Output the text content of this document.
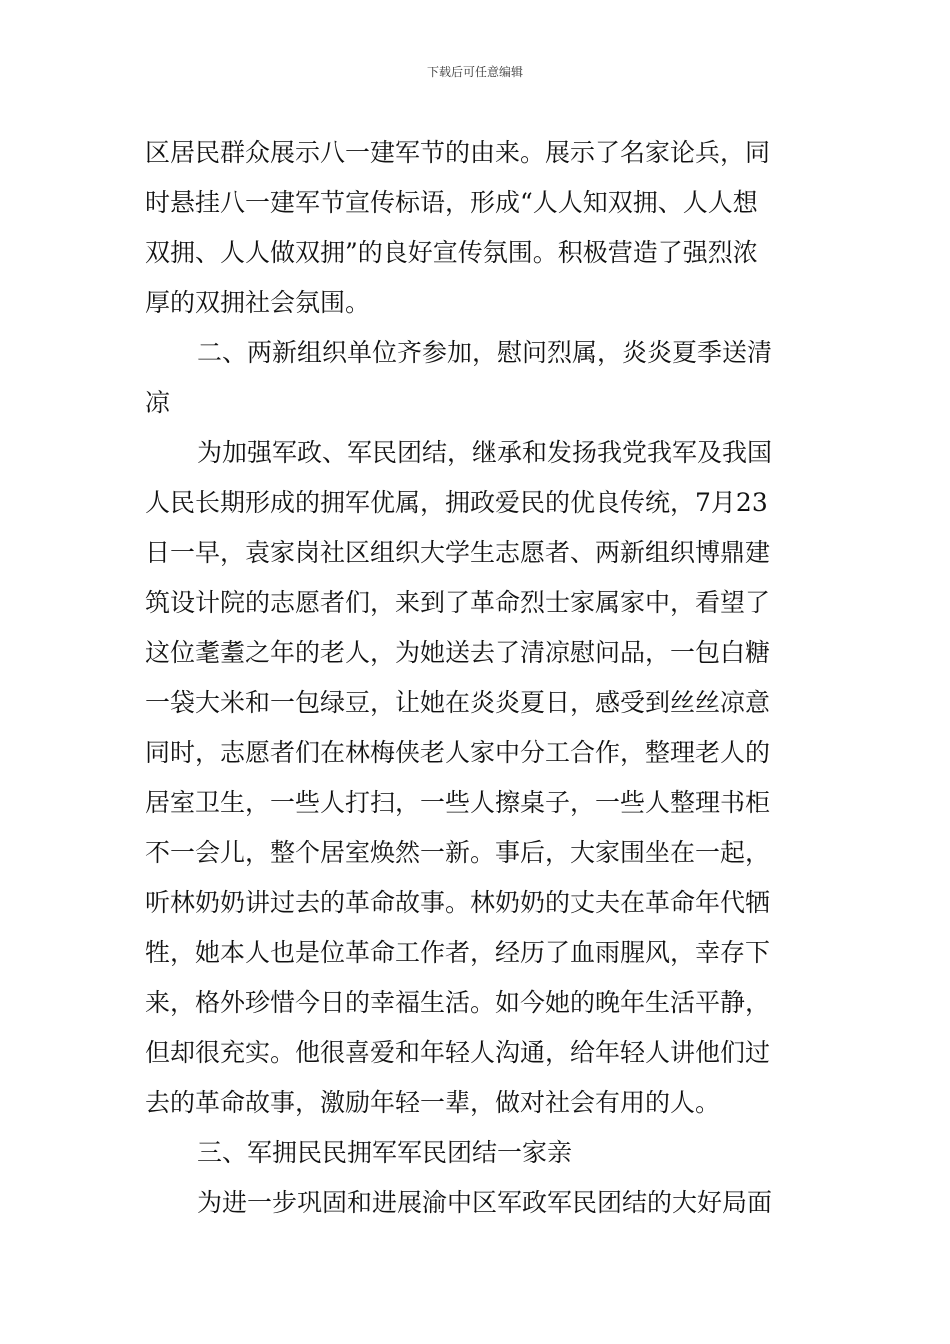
下载后可任意编辑
区居民群众展示八一建军节的由来。展示了名家论兵，同
时悬挂八一建军节宣传标语，形成“人人知双拥、人人想
双拥、人人做双拥”的良好宣传氛围。积极营造了强烈浓
厚的双拥社会氛围。
二、两新组织单位齐参加，慰问烈属，炎炎夏季送清
凉
为加强军政、军民团结，继承和发扬我党我军及我国
人民长期形成的拥军优属，拥政爱民的优良传统，7月23
日一早，袁家岗社区组织大学生志愿者、两新组织博鼎建
筑设计院的志愿者们，来到了革命烈士家属家中，看望了
这位耄耋之年的老人，为她送去了清凉慰问品，一包白糖
一袋大米和一包绿豆，让她在炎炎夏日，感受到丝丝凉意
同时，志愿者们在林梅侠老人家中分工合作，整理老人的
居室卫生，一些人打扫，一些人擦桌子，一些人整理书柜
不一会儿，整个居室焕然一新。事后，大家围坐在一起，
听林奶奶讲过去的革命故事。林奶奶的丈夫在革命年代牺
牲，她本人也是位革命工作者，经历了血雨腥风，幸存下
来，格外珍惜今日的幸福生活。如今她的晚年生活平静，
但却很充实。他很喜爱和年轻人沟通，给年轻人讲他们过
去的革命故事，激励年轻一辈，做对社会有用的人。
三、军拥民民拥军军民团结一家亲
为进一步巩固和进展渝中区军政军民团结的大好局面
